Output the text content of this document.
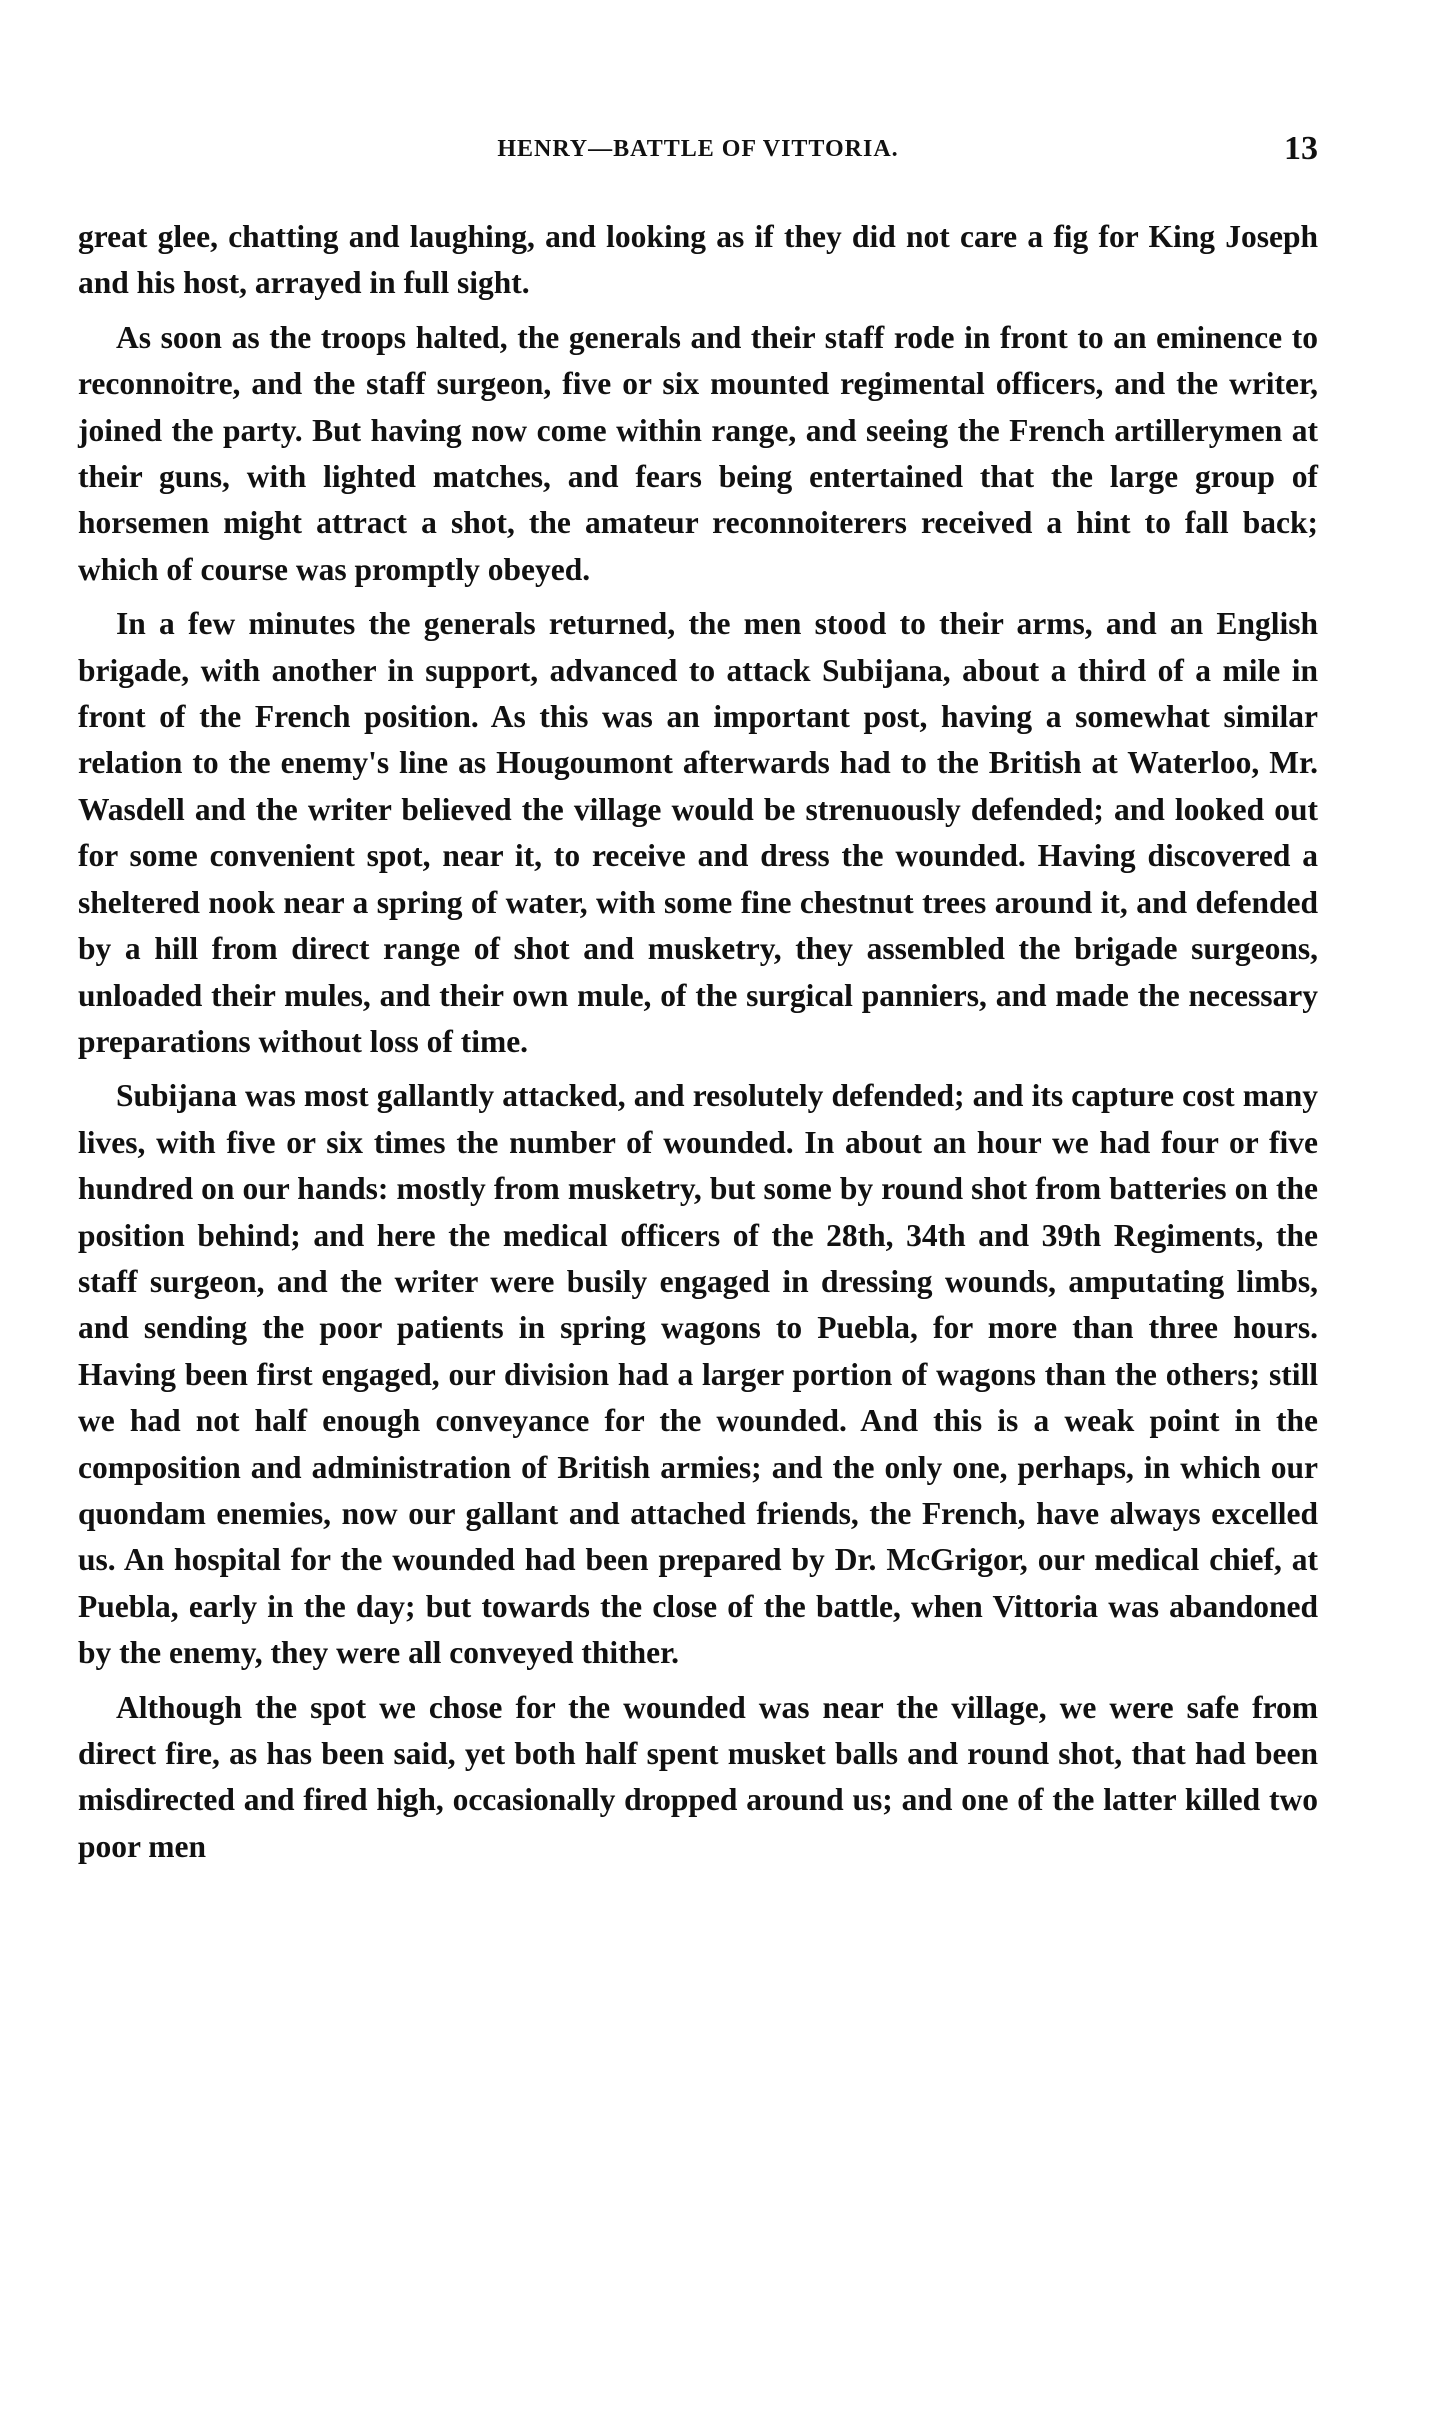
HENRY—BATTLE OF VITTORIA.	13

great glee, chatting and laughing, and looking as if they did not care a fig for King Joseph and his host, arrayed in full sight.

As soon as the troops halted, the generals and their staff rode in front to an eminence to reconnoitre, and the staff surgeon, five or six mounted regimental officers, and the writer, joined the party. But having now come within range, and seeing the French artillerymen at their guns, with lighted matches, and fears being entertained that the large group of horsemen might attract a shot, the amateur reconnoiterers received a hint to fall back; which of course was promptly obeyed.

In a few minutes the generals returned, the men stood to their arms, and an English brigade, with another in support, advanced to attack Subijana, about a third of a mile in front of the French position. As this was an important post, having a somewhat similar relation to the enemy's line as Hougoumont afterwards had to the British at Waterloo, Mr. Wasdell and the writer believed the village would be strenuously defended; and looked out for some convenient spot, near it, to receive and dress the wounded. Having discovered a sheltered nook near a spring of water, with some fine chestnut trees around it, and defended by a hill from direct range of shot and musketry, they assembled the brigade surgeons, unloaded their mules, and their own mule, of the surgical panniers, and made the necessary preparations without loss of time.

Subijana was most gallantly attacked, and resolutely defended; and its capture cost many lives, with five or six times the number of wounded. In about an hour we had four or five hundred on our hands: mostly from musketry, but some by round shot from batteries on the position behind; and here the medical officers of the 28th, 34th and 39th Regiments, the staff surgeon, and the writer were busily engaged in dressing wounds, amputating limbs, and sending the poor patients in spring wagons to Puebla, for more than three hours. Having been first engaged, our division had a larger portion of wagons than the others; still we had not half enough conveyance for the wounded. And this is a weak point in the composition and administration of British armies; and the only one, perhaps, in which our quondam enemies, now our gallant and attached friends, the French, have always excelled us. An hospital for the wounded had been prepared by Dr. McGrigor, our medical chief, at Puebla, early in the day; but towards the close of the battle, when Vittoria was abandoned by the enemy, they were all conveyed thither.

Although the spot we chose for the wounded was near the village, we were safe from direct fire, as has been said, yet both half spent musket balls and round shot, that had been misdirected and fired high, occasionally dropped around us; and one of the latter killed two poor men
